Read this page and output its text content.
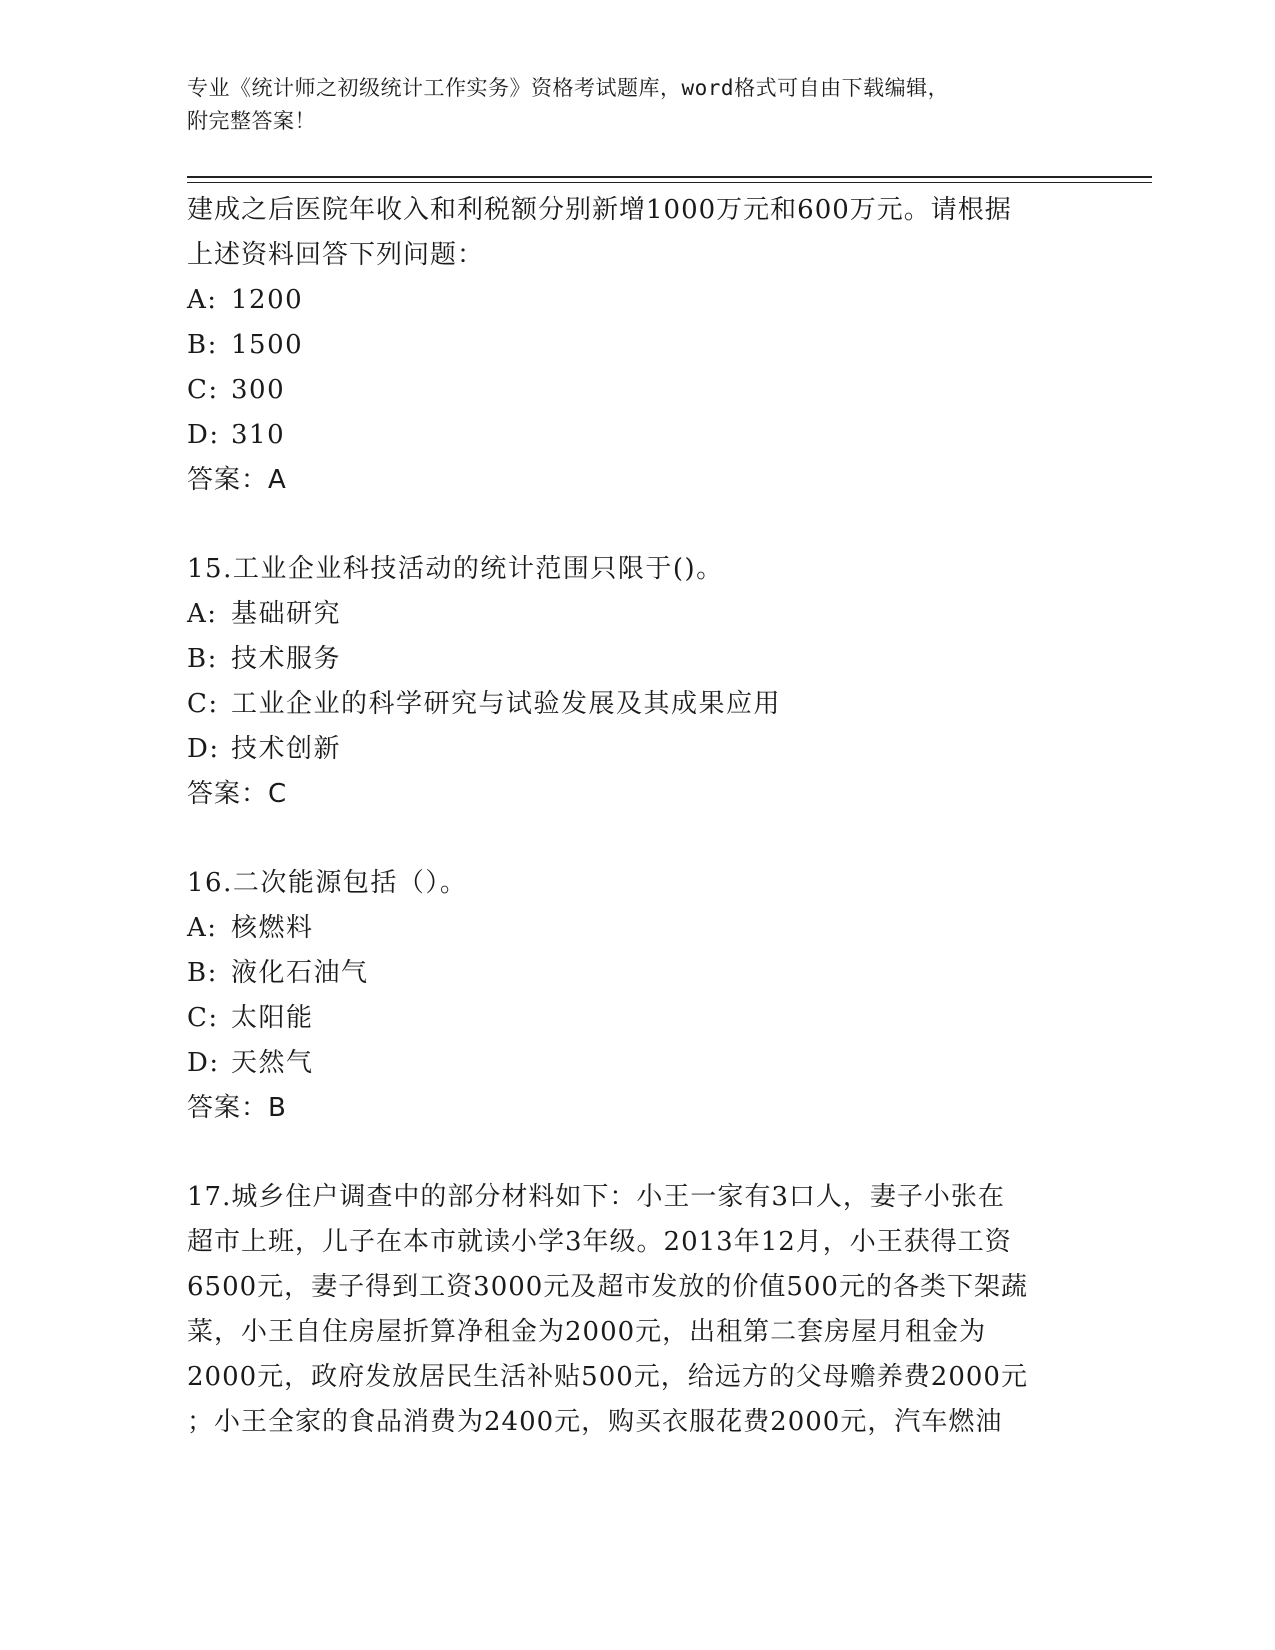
专业《统计师之初级统计工作实务》资格考试题库，word格式可自由下载编辑，
附完整答案！
建成之后医院年收入和利税额分别新增1000万元和600万元。请根据
上述资料回答下列问题：
A: 1200
B: 1500
C: 300
D: 310
答案：A
15.工业企业科技活动的统计范围只限于()。
A: 基础研究
B: 技术服务
C: 工业企业的科学研究与试验发展及其成果应用
D: 技术创新
答案：C
16.二次能源包括（）。
A: 核燃料
B: 液化石油气
C: 太阳能
D: 天然气
答案：B
17.城乡住户调查中的部分材料如下：小王一家有3口人，妻子小张在
超市上班，儿子在本市就读小学3年级。2013年12月，小王获得工资
6500元，妻子得到工资3000元及超市发放的价值500元的各类下架蔬
菜，小王自住房屋折算净租金为2000元，出租第二套房屋月租金为
2000元，政府发放居民生活补贴500元，给远方的父母赡养费2000元
；小王全家的食品消费为2400元，购买衣服花费2000元，汽车燃油
